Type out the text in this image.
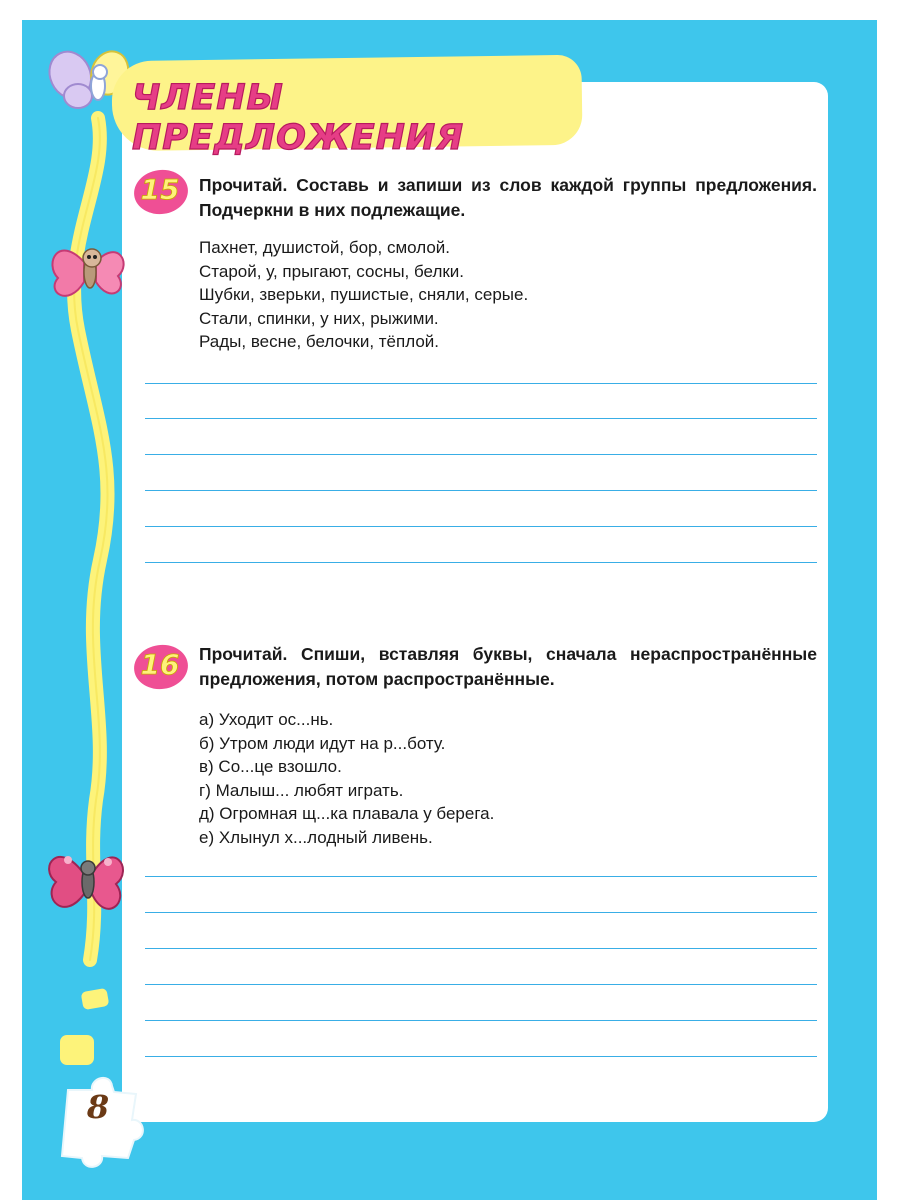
ЧЛЕНЫ ПРЕДЛОЖЕНИЯ
15	Прочитай. Составь и запиши из слов каждой группы предложения. Подчеркни в них подлежащие.
Пахнет, душистой, бор, смолой.
Старой, у, прыгают, сосны, белки.
Шубки, зверьки, пушистые, сняли, серые.
Стали, спинки, у них, рыжими.
Рады, весне, белочки, тёплой.
16	Прочитай. Спиши, вставляя буквы, сначала нераспространённые предложения, потом распространённые.
а) Уходит ос...нь.
б) Утром люди идут на р...боту.
в) Со...це взошло.
г) Малыш... любят играть.
д) Огромная щ...ка плавала у берега.
е) Хлынул х...лодный ливень.
8
